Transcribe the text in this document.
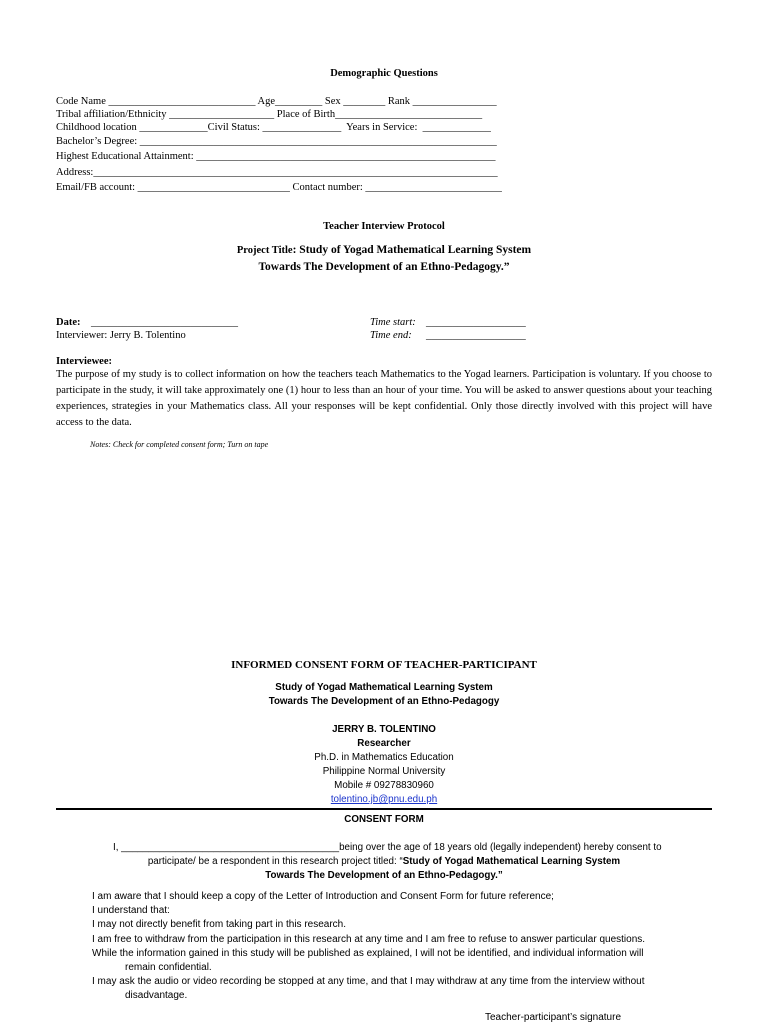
Demographic Questions
Code Name ____________________________ Age_________ Sex ________ Rank ________________
Tribal affiliation/Ethnicity ____________________ Place of Birth____________________________
Childhood location _____________Civil Status: _______________  Years in Service:  _____________
Bachelor’s Degree: ____________________________________________________________________
Highest Educational Attainment: _________________________________________________________
Address:_____________________________________________________________________________
Email/FB account: _____________________________ Contact number: __________________________
Teacher Interview Protocol
Project Title: Study of Yogad Mathematical Learning System
Towards The Development of an Ethno-Pedagogy.”
Date: ____________________________
Interviewer: Jerry B. Tolentino
Time start: ___________________
Time end: ___________________
Interviewee:
The purpose of my study is to collect information on how the teachers teach Mathematics to the Yogad learners. Participation is voluntary. If you choose to participate in the study, it will take approximately one (1) hour to less than an hour of your time. You will be asked to answer questions about your teaching experiences, strategies in your Mathematics class. All your responses will be kept confidential. Only those directly involved with this project will have access to the data.
Notes: Check for completed consent form; Turn on tape
INFORMED CONSENT FORM OF TEACHER-PARTICIPANT
Study of Yogad Mathematical Learning System
Towards The Development of an Ethno-Pedagogy
JERRY B. TOLENTINO
Researcher
Ph.D. in Mathematics Education
Philippine Normal University
Mobile # 09278830960
tolentino.jb@pnu.edu.ph
CONSENT FORM
I, ________________________________________being over the age of 18 years old (legally independent) hereby consent to
participate/ be a respondent in this research project titled: “Study of Yogad Mathematical Learning System
Towards The Development of an Ethno-Pedagogy.”
I am aware that I should keep a copy of the Letter of Introduction and Consent Form for future reference;
I understand that:
I may not directly benefit from taking part in this research.
I am free to withdraw from the participation in this research at any time and I am free to refuse to answer particular questions.
While the information gained in this study will be published as explained, I will not be identified, and individual information will
remain confidential.
I may ask the audio or video recording be stopped at any time, and that I may withdraw at any time from the interview without
disadvantage.
Teacher-participant’s signature
